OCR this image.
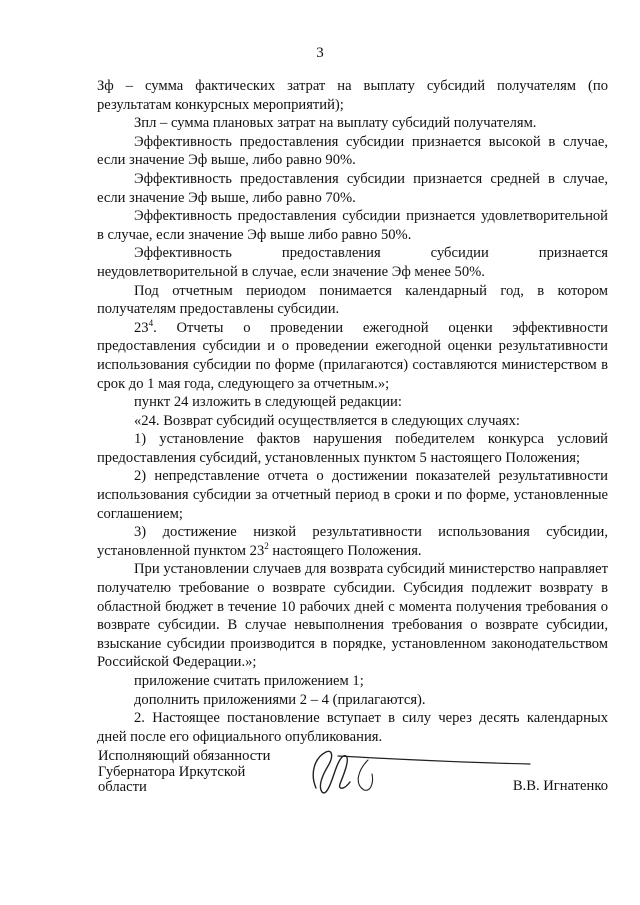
3

Зф – сумма фактических затрат на выплату субсидий получателям (по результатам конкурсных мероприятий);

Зпл – сумма плановых затрат на выплату субсидий получателям.

Эффективность предоставления субсидии признается высокой в случае, если значение Эф выше, либо равно 90%.

Эффективность предоставления субсидии признается средней в случае, если значение Эф выше, либо равно 70%.

Эффективность предоставления субсидии признается удовлетворительной в случае, если значение Эф выше либо равно 50%.

Эффективность предоставления субсидии признается неудовлетворительной в случае, если значение Эф менее 50%.

Под отчетным периодом понимается календарный год, в котором получателям предоставлены субсидии.

$23^4$. Отчеты о проведении ежегодной оценки эффективности предоставления субсидии и о проведении ежегодной оценки результативности использования субсидии по форме (прилагаются) составляются министерством в срок до 1 мая года, следующего за отчетным.»;

пункт 24 изложить в следующей редакции:

«24. Возврат субсидий осуществляется в следующих случаях:

1) установление фактов нарушения победителем конкурса условий предоставления субсидий, установленных пунктом 5 настоящего Положения;

2) непредставление отчета о достижении показателей результативности использования субсидии за отчетный период в сроки и по форме, установленные соглашением;

3) достижение низкой результативности использования субсидии, установленной пунктом $23^2$ настоящего Положения.

При установлении случаев для возврата субсидий министерство направляет получателю требование о возврате субсидии. Субсидия подлежит возврату в областной бюджет в течение 10 рабочих дней с момента получения требования о возврате субсидии. В случае невыполнения требования о возврате субсидии, взыскание субсидии производится в порядке, установленном законодательством Российской Федерации.»;

приложение считать приложением 1;

дополнить приложениями 2 – 4 (прилагаются).

2. Настоящее постановление вступает в силу через десять календарных дней после его официального опубликования.

Исполняющий обязанности
Губернатора Иркутской
области	В.В. Игнатенко
